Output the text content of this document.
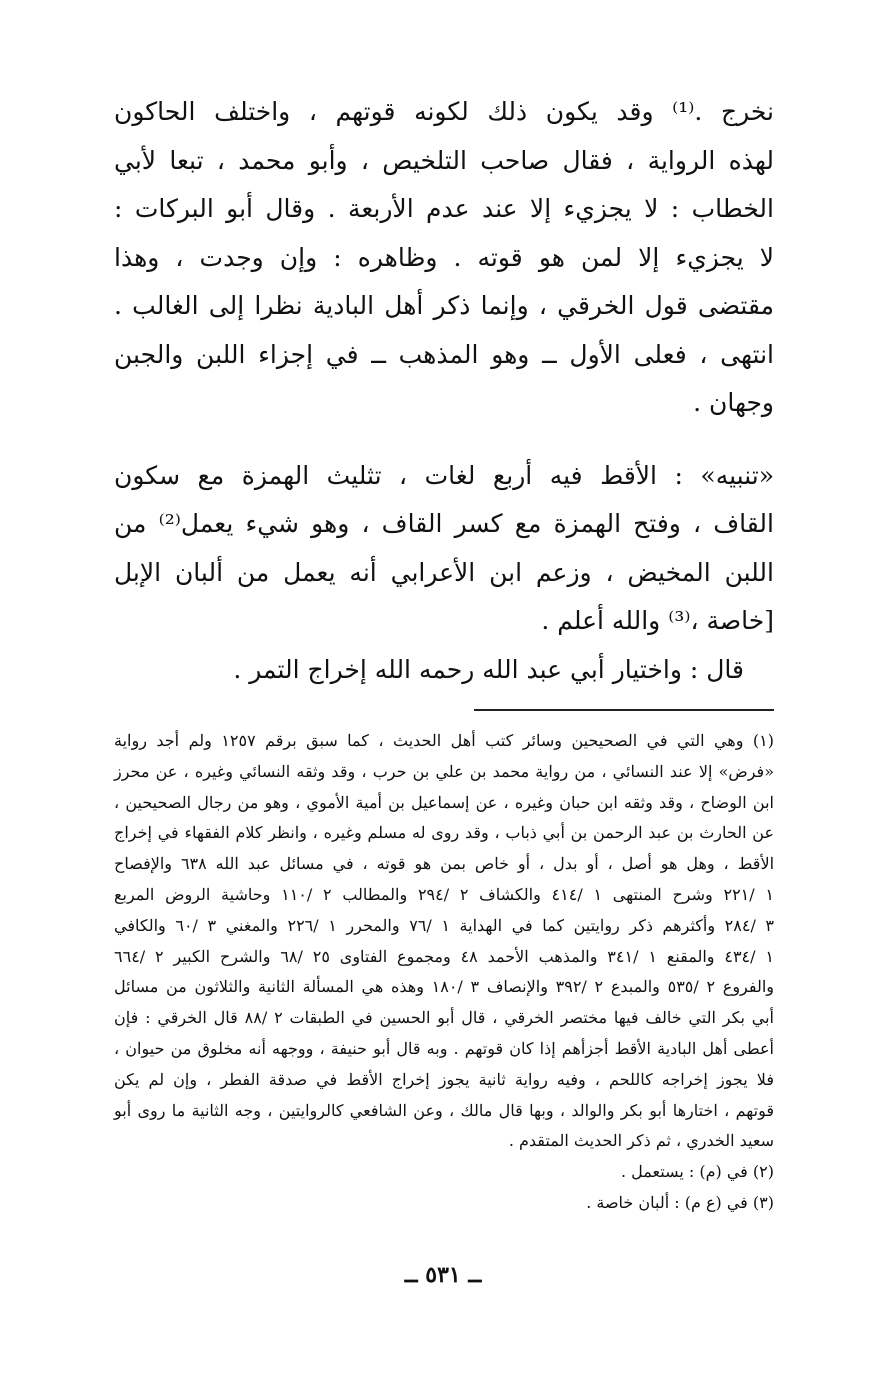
نخرج .⁽¹⁾ وقد يكون ذلك لكونه قوتهم ، واختلف الحاكون
لهذه الرواية ، فقال صاحب التلخيص ، وأبو محمد ، تبعا لأبي
الخطاب : لا يجزيء إلا عند عدم الأربعة . وقال أبو البركات :
لا يجزيء إلا لمن هو قوته . وظاهره : وإن وجدت ، وهذا
مقتضى قول الخرقي ، وإنما ذكر أهل البادية نظرا إلى الغالب .
انتهى ، فعلى الأول ــ وهو المذهب ــ في إجزاء اللبن والجبن
وجهان .
«تنبيه» : الأقط فيه أربع لغات ، تثليث الهمزة مع سكون
القاف ، وفتح الهمزة مع كسر القاف ، وهو شيء يعمل⁽²⁾ من
اللبن المخيض ، وزعم ابن الأعرابي أنه يعمل من ألبان الإبل
[خاصة ،⁽³⁾ والله أعلم .
قال : واختيار أبي عبد الله رحمه الله إخراج التمر .
(١) وهي التي في الصحيحين وسائر كتب أهل الحديث ، كما سبق برقم ١٢٥٧ ولم أجد رواية
«فرض» إلا عند النسائي ، من رواية محمد بن علي بن حرب ، وقد وثقه النسائي وغيره ، عن محرز
ابن الوضاح ، وقد وثقه ابن حبان وغيره ، عن إسماعيل بن أمية الأموي ، وهو من رجال الصحيحين ،
عن الحارث بن عبد الرحمن بن أبي ذباب ، وقد روى له مسلم وغيره ، وانظر كلام الفقهاء في إخراج
الأقط ، وهل هو أصل ، أو بدل ، أو خاص بمن هو قوته ، في مسائل عبد الله ٦٣٨ والإفصاح
١ /٢٢١ وشرح المنتهى ١ /٤١٤ والكشاف ٢ /٢٩٤ والمطالب ٢ /١١٠ وحاشية الروض المربع
٣ /٢٨٤ وأكثرهم ذكر روايتين كما في الهداية ١ /٧٦ والمحرر ١ /٢٢٦ والمغني ٣ /٦٠ والكافي
١ /٤٣٤ والمقنع ١ /٣٤١ والمذهب الأحمد ٤٨ ومجموع الفتاوى ٢٥ /٦٨ والشرح الكبير ٢ /٦٦٤
والفروع ٢ /٥٣٥ والمبدع ٢ /٣٩٢ والإنصاف ٣ /١٨٠ وهذه هي المسألة الثانية والثلاثون من مسائل
أبي بكر التي خالف فيها مختصر الخرقي ، قال أبو الحسين في الطبقات ٢ /٨٨ قال الخرقي : فإن
أعطى أهل البادية الأقط أجزأهم إذا كان قوتهم . وبه قال أبو حنيفة ، ووجهه أنه مخلوق من حيوان ،
فلا يجوز إخراجه كاللحم ، وفيه رواية ثانية يجوز إخراج الأقط في صدقة الفطر ، وإن لم يكن
قوتهم ، اختارها أبو بكر والوالد ، وبها قال مالك ، وعن الشافعي كالروايتين ، وجه الثانية ما روى أبو
سعيد الخدري ، ثم ذكر الحديث المتقدم .
(٢) في (م) : يستعمل .
(٣) في (ع م) : ألبان خاصة .
ــ ٥٣١ ــ
